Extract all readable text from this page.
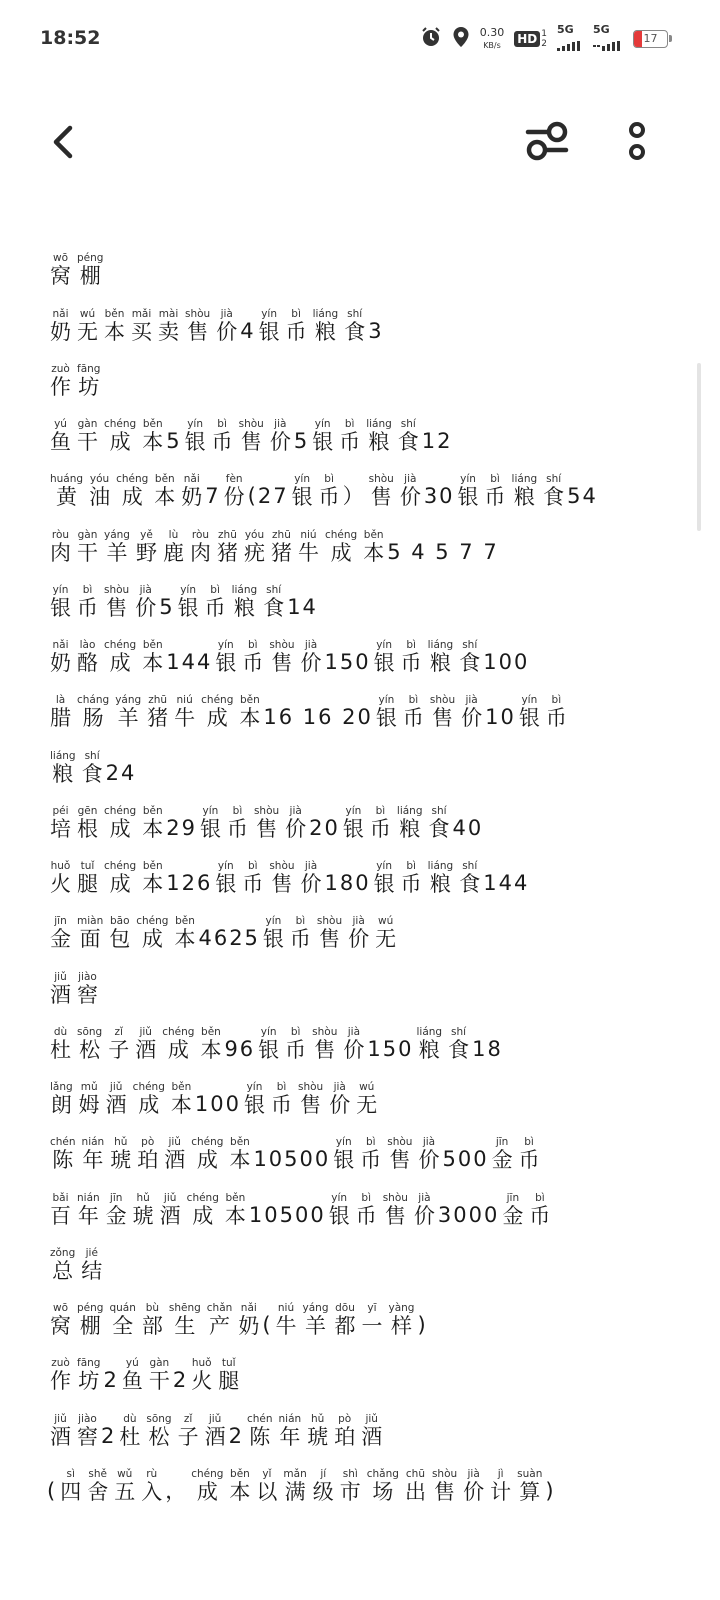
18:52	0.30
KB/s HD 1
2
5G 5G
17
窝wō
棚péng
奶nǎi
无wú
本běn
买mǎi
卖mài
售shòu
价jià
4 银yín
币bì
粮liáng
食shí
3
作zuò
坊fāng
鱼yú
干gàn
成chéng
本běn
5 银yín
币bì
售shòu
价jià
5 银yín
币bì
粮liáng
食shí
12
黄huáng
油yóu
成chéng
本běn
奶nǎi
7 份fèn
(27 银yín
币bì
） 售shòu
价jià
30 银yín
币bì
粮liáng
食shí
54
肉ròu
干gàn
羊yáng
野yě
鹿lù
肉ròu
猪zhū
疣yóu
猪zhū
牛niú
成chéng
本běn
5 4 5 7 7
银yín
币bì
售shòu
价jià
5 银yín
币bì
粮liáng
食shí
14
奶nǎi
酪lào
成chéng
本běn
144 银yín
币bì
售shòu
价jià
150 银yín
币bì
粮liáng
食shí
100
腊là
肠cháng
羊yáng
猪zhū
牛niú
成chéng
本běn
16 16 20 银yín
币bì
售shòu
价jià
10 银yín
币bì
粮liáng
食shí
24
培péi
根gēn
成chéng
本běn
29 银yín
币bì
售shòu
价jià
20 银yín
币bì
粮liáng
食shí
40
火huǒ
腿tuǐ
成chéng
本běn
126 银yín
币bì
售shòu
价jià
180 银yín
币bì
粮liáng
食shí
144
金jīn
面miàn
包bāo
成chéng
本běn
4625 银yín
币bì
售shòu
价jià
无wú
酒jiǔ
窖jiào
杜dù
松sōng
子zǐ
酒jiǔ
成chéng
本běn
96 银yín
币bì
售shòu
价jià
150 粮liáng
食shí
18
朗lǎng
姆mǔ
酒jiǔ
成chéng
本běn
100 银yín
币bì
售shòu
价jià
无wú
陈chén
年nián
琥hǔ
珀pò
酒jiǔ
成chéng
本běn
10500 银yín
币bì
售shòu
价jià
500 金jīn
币bì
百bǎi
年nián
金jīn
琥hǔ
酒jiǔ
成chéng
本běn
10500 银yín
币bì
售shòu
价jià
3000 金jīn
币bì
总zǒng
结jié
窝wō
棚péng
全quán
部bù
生shēng
产chǎn
奶nǎi
( 牛niú
羊yáng
都dōu
一yī
样yàng
)
作zuò
坊fāng
2 鱼yú
干gàn
2 火huǒ
腿tuǐ
酒jiǔ
窖jiào
2 杜dù
松sōng
子zǐ
酒jiǔ
2 陈chén
年nián
琥hǔ
珀pò
酒jiǔ
( 四sì
舍shě
五wǔ
入rù
， 成chéng
本běn
以yǐ
满mǎn
级jí
市shì
场chǎng
出chū
售shòu
价jià
计jì
算suàn
)
